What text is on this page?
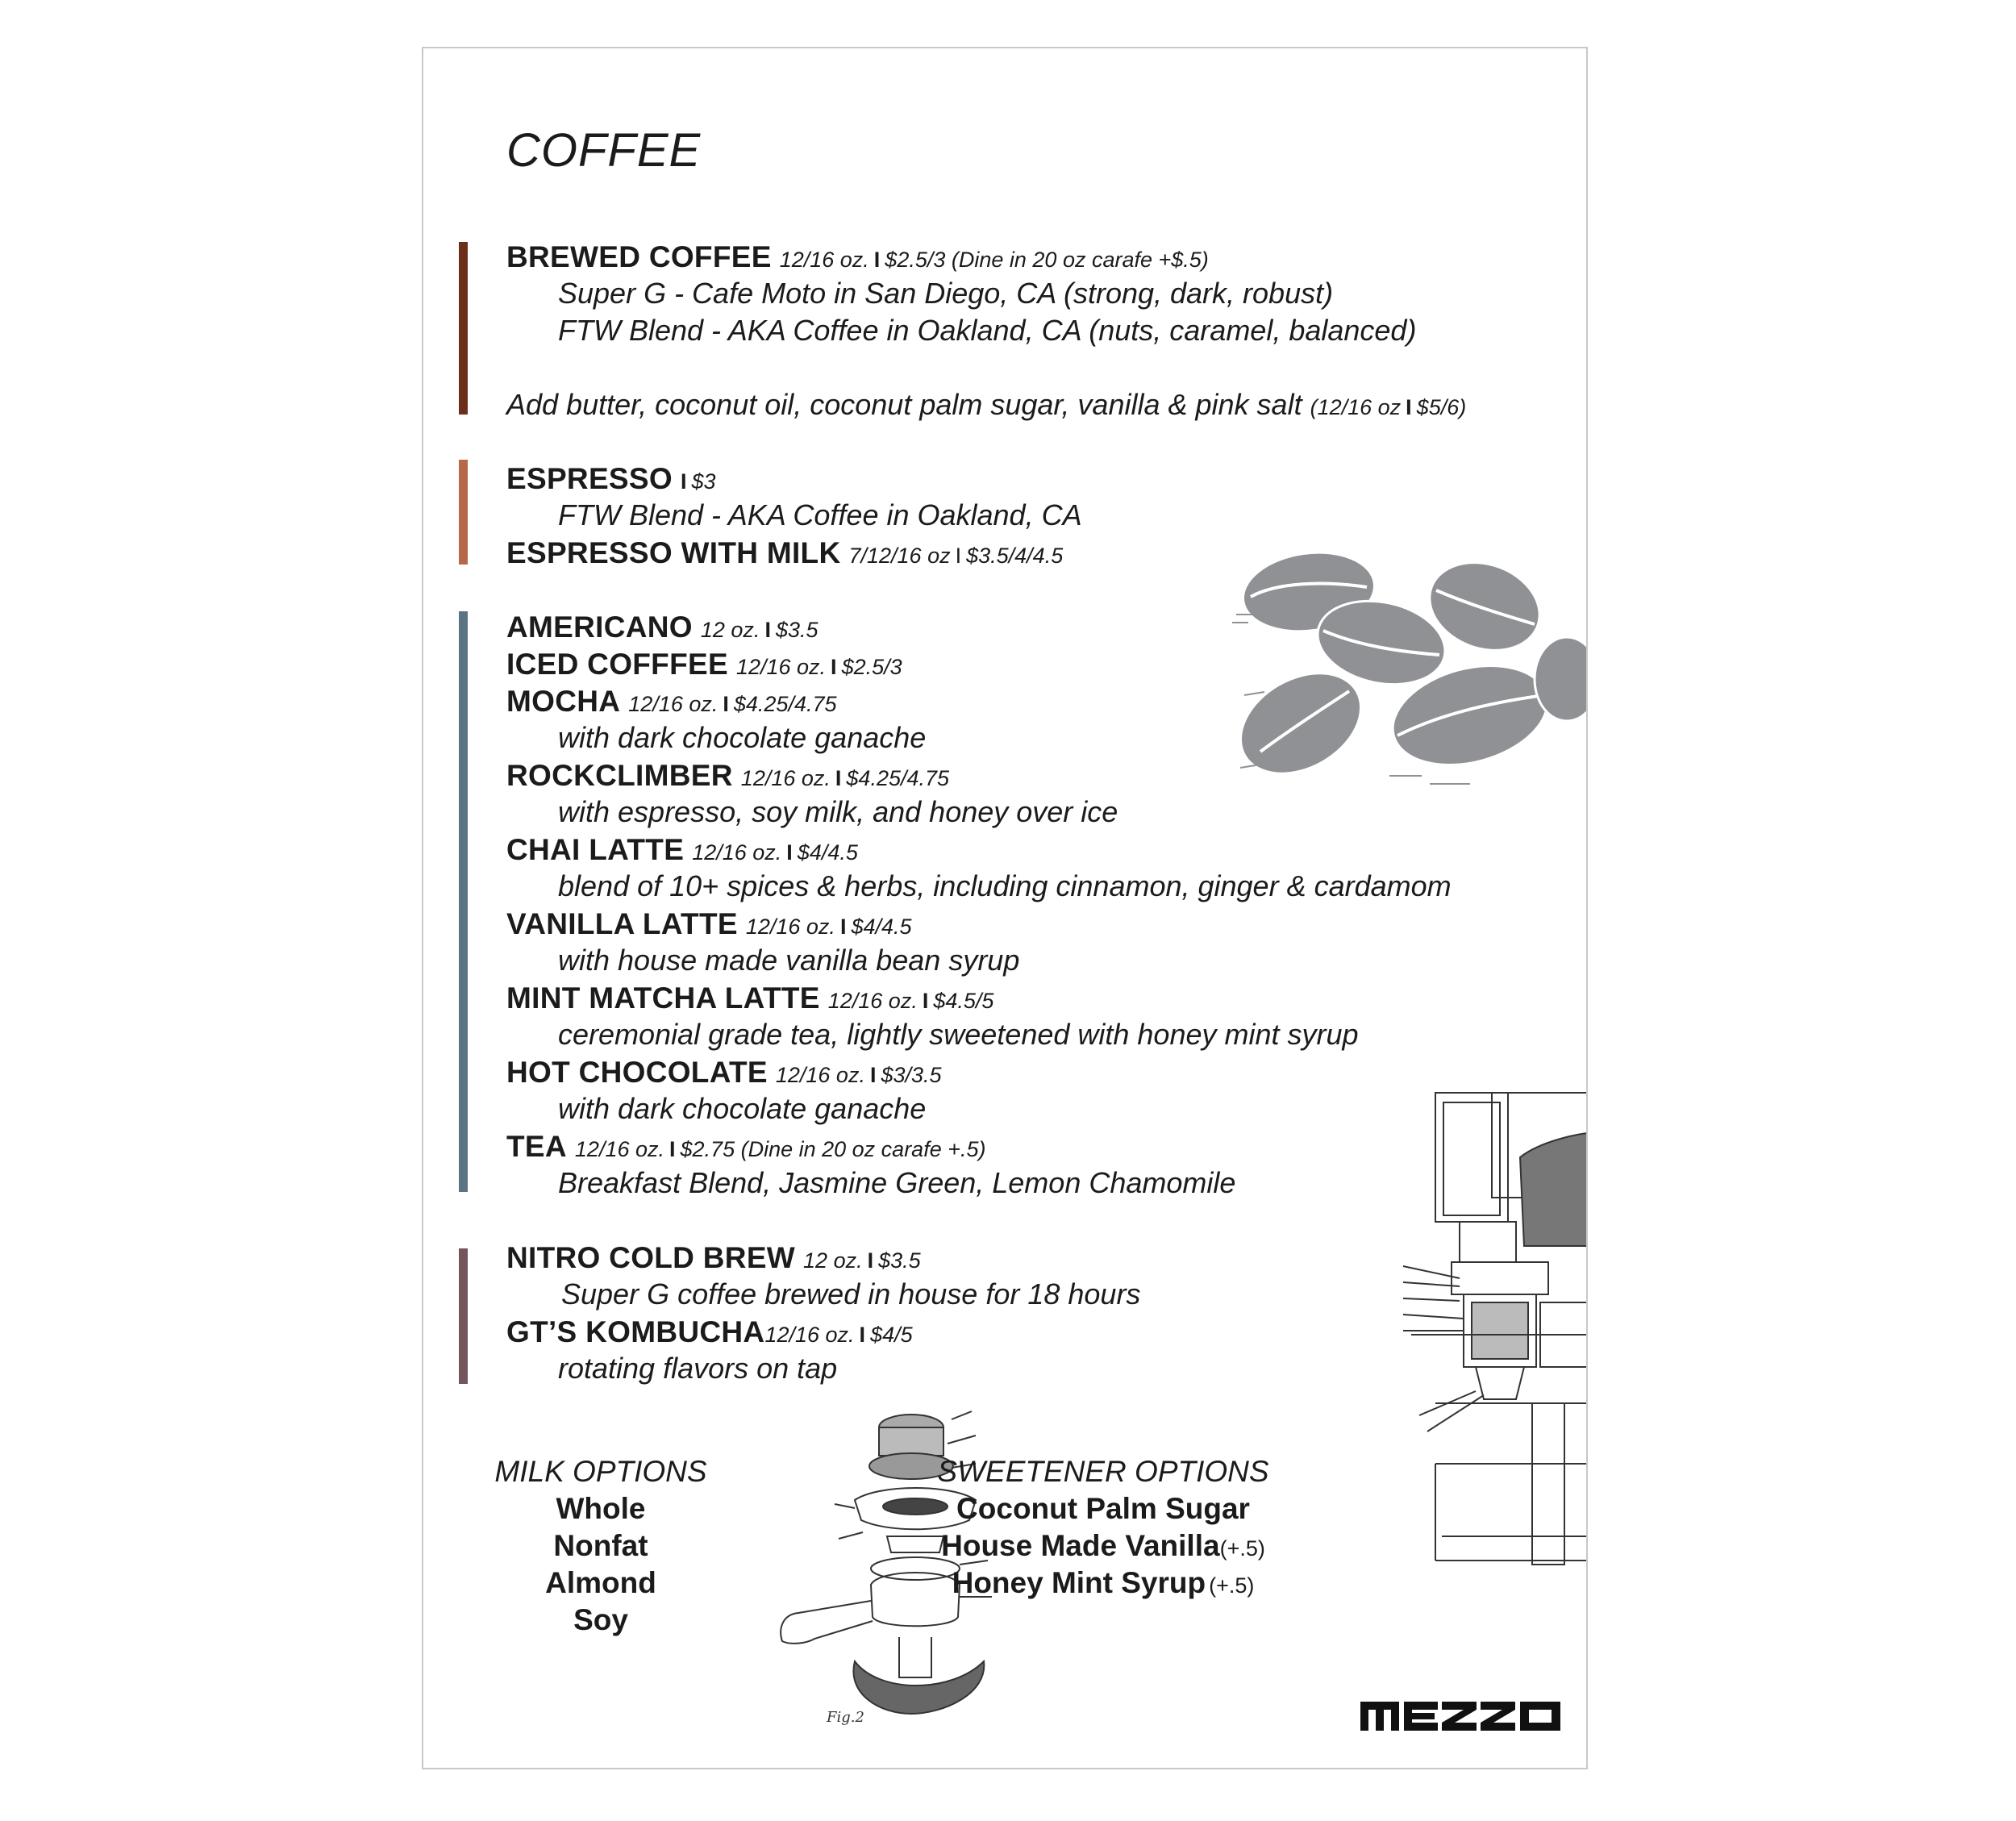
COFFEE
BREWED COFFEE 12/16 oz. I $2.5/3 (Dine in 20 oz carafe +$.5)
Super G - Cafe Moto in San Diego, CA (strong, dark, robust)
FTW Blend - AKA Coffee in Oakland, CA (nuts, caramel, balanced)
Add butter, coconut oil, coconut palm sugar, vanilla & pink salt (12/16 oz I $5/6)
ESPRESSO I $3
FTW Blend - AKA Coffee in Oakland, CA
ESPRESSO WITH MILK 7/12/16 oz I $3.5/4/4.5
AMERICANO 12 oz. I $3.5
ICED COFFFEE 12/16 oz. I $2.5/3
MOCHA 12/16 oz. I $4.25/4.75
with dark chocolate ganache
ROCKCLIMBER 12/16 oz. I $4.25/4.75
with espresso, soy milk, and honey over ice
CHAI LATTE 12/16 oz. I $4/4.5
blend of 10+ spices & herbs, including cinnamon, ginger & cardamom
VANILLA LATTE 12/16 oz. I $4/4.5
with house made vanilla bean syrup
MINT MATCHA LATTE 12/16 oz. I $4.5/5
ceremonial grade tea, lightly sweetened with honey mint syrup
HOT CHOCOLATE 12/16 oz. I $3/3.5
with dark chocolate ganache
TEA 12/16 oz. I $2.75 (Dine in 20 oz carafe +.5)
Breakfast Blend, Jasmine Green, Lemon Chamomile
NITRO COLD BREW 12 oz. I $3.5
Super G coffee brewed in house for 18 hours
GT’S KOMBUCHA12/16 oz. I $4/5
rotating flavors on tap
Fig.2
MILK OPTIONS
Whole
Nonfat
Almond
Soy
SWEETENER OPTIONS
Coconut Palm Sugar
House Made Vanilla(+.5)
Honey Mint Syrup (+.5)
